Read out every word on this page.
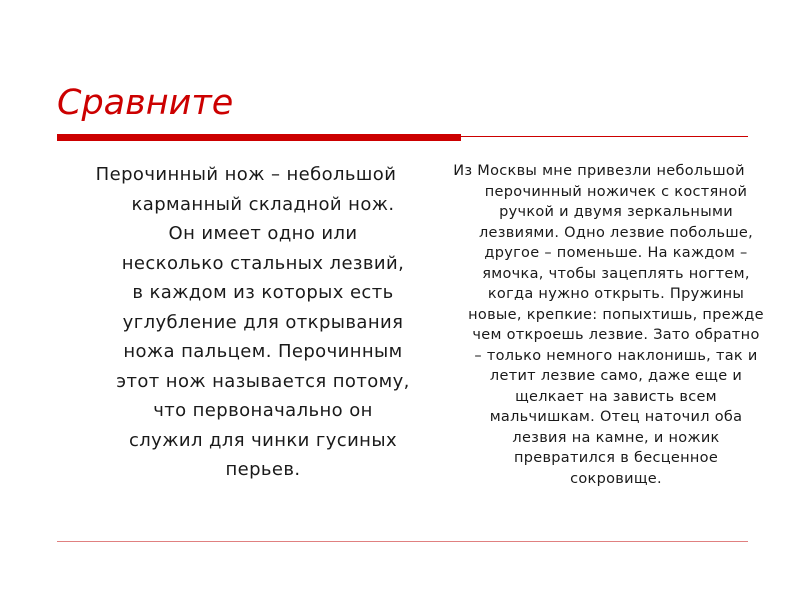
Сравните

Перочинный нож – небольшой карманный складной нож. Он имеет одно или несколько стальных лезвий, в каждом из которых есть углубление для открывания ножа пальцем. Перочинным этот нож называется потому, что первоначально он служил для чинки гусиных перьев.

Из Москвы мне привезли небольшой перочинный ножичек с костяной ручкой и двумя зеркальными лезвиями. Одно лезвие побольше, другое – поменьше. На каждом – ямочка, чтобы зацеплять ногтем, когда нужно открыть. Пружины новые, крепкие: попыхтишь, прежде чем откроешь лезвие. Зато обратно – только немного наклонишь, так и летит лезвие само, даже еще и щелкает на зависть всем мальчишкам. Отец наточил оба лезвия на камне, и ножик превратился в бесценное сокровище.
